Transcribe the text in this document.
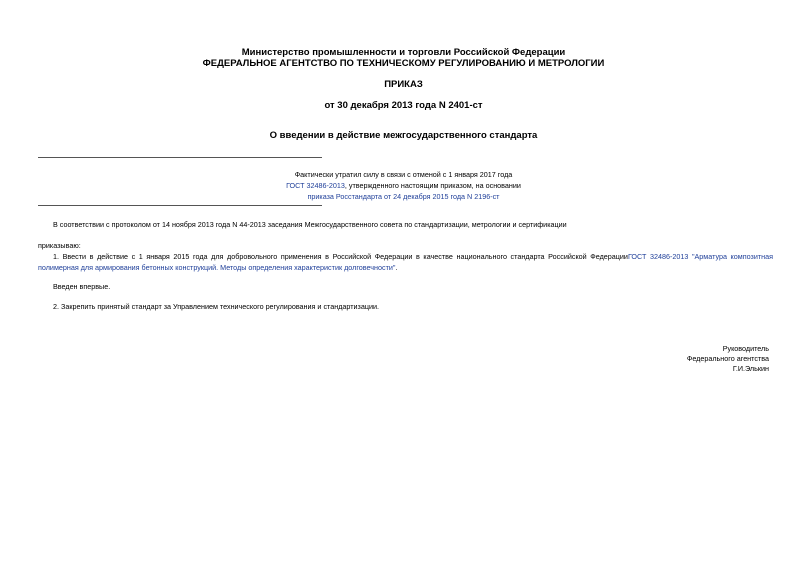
Министерство промышленности и торговли Российской Федерации
ФЕДЕРАЛЬНОЕ АГЕНТСТВО ПО ТЕХНИЧЕСКОМУ РЕГУЛИРОВАНИЮ И МЕТРОЛОГИИ
ПРИКАЗ
от 30 декабря 2013 года N 2401-ст
О введении в действие межгосударственного стандарта
Фактически утратил силу в связи с отменой с 1 января 2017 года
ГОСТ 32486-2013, утвержденного настоящим приказом, на основании
приказа Росстандарта от 24 декабря 2015 года N 2196-ст
В соответствии с протоколом от 14 ноября 2013 года N 44-2013 заседания Межгосударственного совета по стандартизации, метрологии и сертификации
приказываю:
1. Ввести в действие с 1 января 2015 года для добровольного применения в Российской Федерации в качестве национального стандарта Российской ФедерацииГОСТ 32486-2013 "Арматура композитная
полимерная для армирования бетонных конструкций. Методы определения характеристик долговечности".
Введен впервые.
2. Закрепить принятый стандарт за Управлением технического регулирования и стандартизации.
Руководитель
Федерального агентства
Г.И.Элькин
